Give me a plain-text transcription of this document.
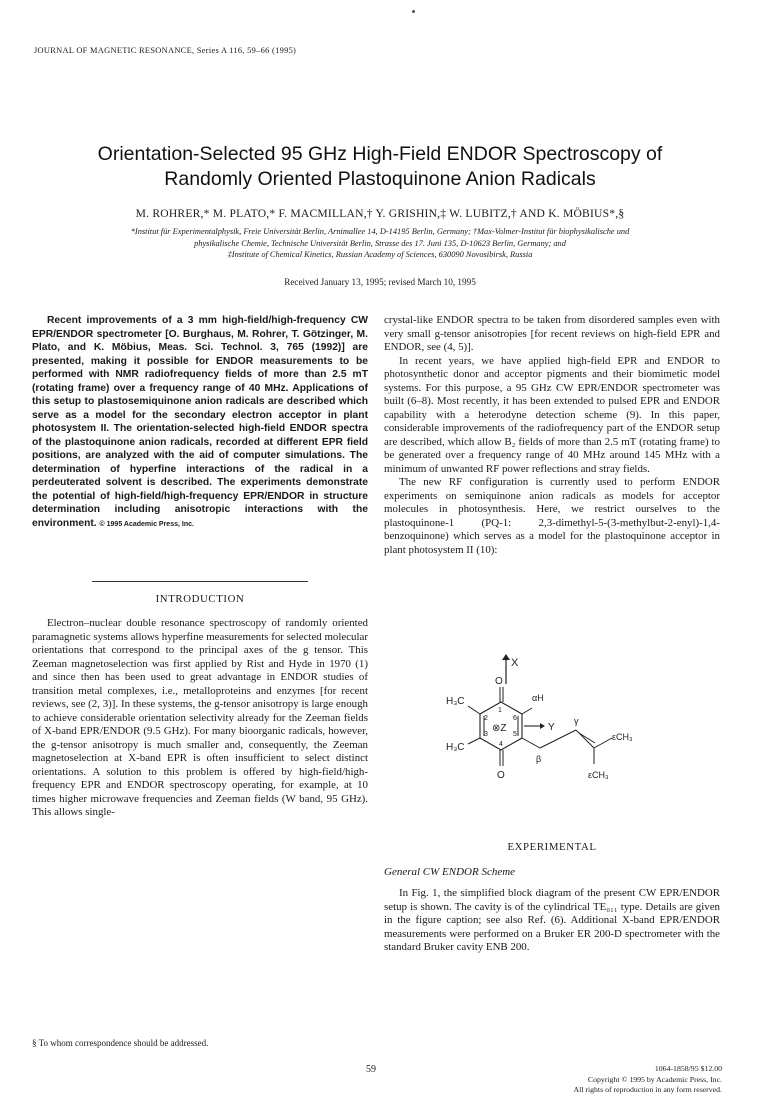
JOURNAL OF MAGNETIC RESONANCE, Series A 116, 59–66 (1995)
Orientation-Selected 95 GHz High-Field ENDOR Spectroscopy of
Randomly Oriented Plastoquinone Anion Radicals
M. ROHRER,* M. PLATO,* F. MACMILLAN,† Y. GRISHIN,‡ W. LUBITZ,† AND K. MÖBIUS*,§
*Institut für Experimentalphysik, Freie Universität Berlin, Arnimallee 14, D-14195 Berlin, Germany; †Max-Volmer-Institut für biophysikalische und
physikalische Chemie, Technische Universität Berlin, Strasse des 17. Juni 135, D-10623 Berlin, Germany; and
‡Institute of Chemical Kinetics, Russian Academy of Sciences, 630090 Novosibirsk, Russia
Received January 13, 1995; revised March 10, 1995

Recent improvements of a 3 mm high-field/high-frequency CW EPR/ENDOR spectrometer [O. Burghaus, M. Rohrer, T. Götzinger, M. Plato, and K. Möbius, Meas. Sci. Technol. 3, 765 (1992)] are presented, making it possible for ENDOR measurements to be performed with NMR radiofrequency fields of more than 2.5 mT (rotating frame) over a frequency range of 40 MHz. Applications of this setup to plastosemiquinone anion radicals are described which serve as a model for the secondary electron acceptor in plant photosystem II. The orientation-selected high-field ENDOR spectra of the plastoquinone anion radicals, recorded at different EPR field positions, are analyzed with the aid of computer simulations. The determination of hyperfine interactions of the radical in a perdeuterated solvent is described. The experiments demonstrate the potential of high-field/high-frequency EPR/ENDOR in structure determination including anisotropic interactions with the environment. © 1995 Academic Press, Inc.

INTRODUCTION

Electron–nuclear double resonance spectroscopy of randomly oriented paramagnetic systems allows hyperfine measurements for selected molecular orientations that correspond to the principal axes of the g tensor. This Zeeman magnetoselection was first applied by Rist and Hyde in 1970 (1) and since then has been used to great advantage in ENDOR studies of transition metal complexes, i.e., metalloproteins and enzymes [for recent reviews, see (2, 3)]. In these systems, the g-tensor anisotropy is large enough to achieve considerable orientation selectivity already for the Zeeman fields of X-band EPR/ENDOR (9.5 GHz). For many bioorganic radicals, however, the g-tensor anisotropy is much smaller and, consequently, the Zeeman magnetoselection at X-band EPR is often insufficient to select distinct orientations. A solution to this problem is offered by high-field/high-frequency EPR and ENDOR spectroscopy operating, for example, at 10 times higher microwave frequencies and Zeeman fields (W band, 95 GHz). This allows single-

§ To whom correspondence should be addressed.

crystal-like ENDOR spectra to be taken from disordered samples even with very small g-tensor anisotropies [for recent reviews on high-field EPR and ENDOR, see (4, 5)].

In recent years, we have applied high-field EPR and ENDOR to photosynthetic donor and acceptor pigments and their biomimetic model systems. For this purpose, a 95 GHz CW EPR/ENDOR spectrometer was built (6–8). Most recently, it has been extended to pulsed EPR and ENDOR capability with a heterodyne detection scheme (9). In this paper, considerable improvements of the radiofrequency part of the ENDOR setup are described, which allow B₂ fields of more than 2.5 mT (rotating frame) to be generated over a frequency range of 40 MHz around 145 MHz with a minimum of unwanted RF power reflections and stray fields.

The new RF configuration is currently used to perform ENDOR experiments on semiquinone anion radicals as models for acceptor molecules in photosynthesis. Here, we restrict ourselves to the plastoquinone-1 (PQ-1: 2,3-dimethyl-5-(3-methylbut-2-enyl)-1,4-benzoquinone) which serves as a model for the plastoquinone acceptor in plant photosystem II (10):

X
O
O
H₃C
H₃C
αH
1
2
3
4
5
6
⊗Z	Y
β
γ
εCH₃
εCH₃
EXPERIMENTAL
General CW ENDOR Scheme

In Fig. 1, the simplified block diagram of the present CW EPR/ENDOR setup is shown. The cavity is of the cylindrical TE₀₁₁ type. Details are given in the figure caption; see also Ref. (6). Additional X-band EPR/ENDOR measurements were performed on a Bruker ER 200-D spectrometer with the standard Bruker cavity ENB 200.

59	1064-1858/95 $12.00
Copyright © 1995 by Academic Press, Inc.
All rights of reproduction in any form reserved.
